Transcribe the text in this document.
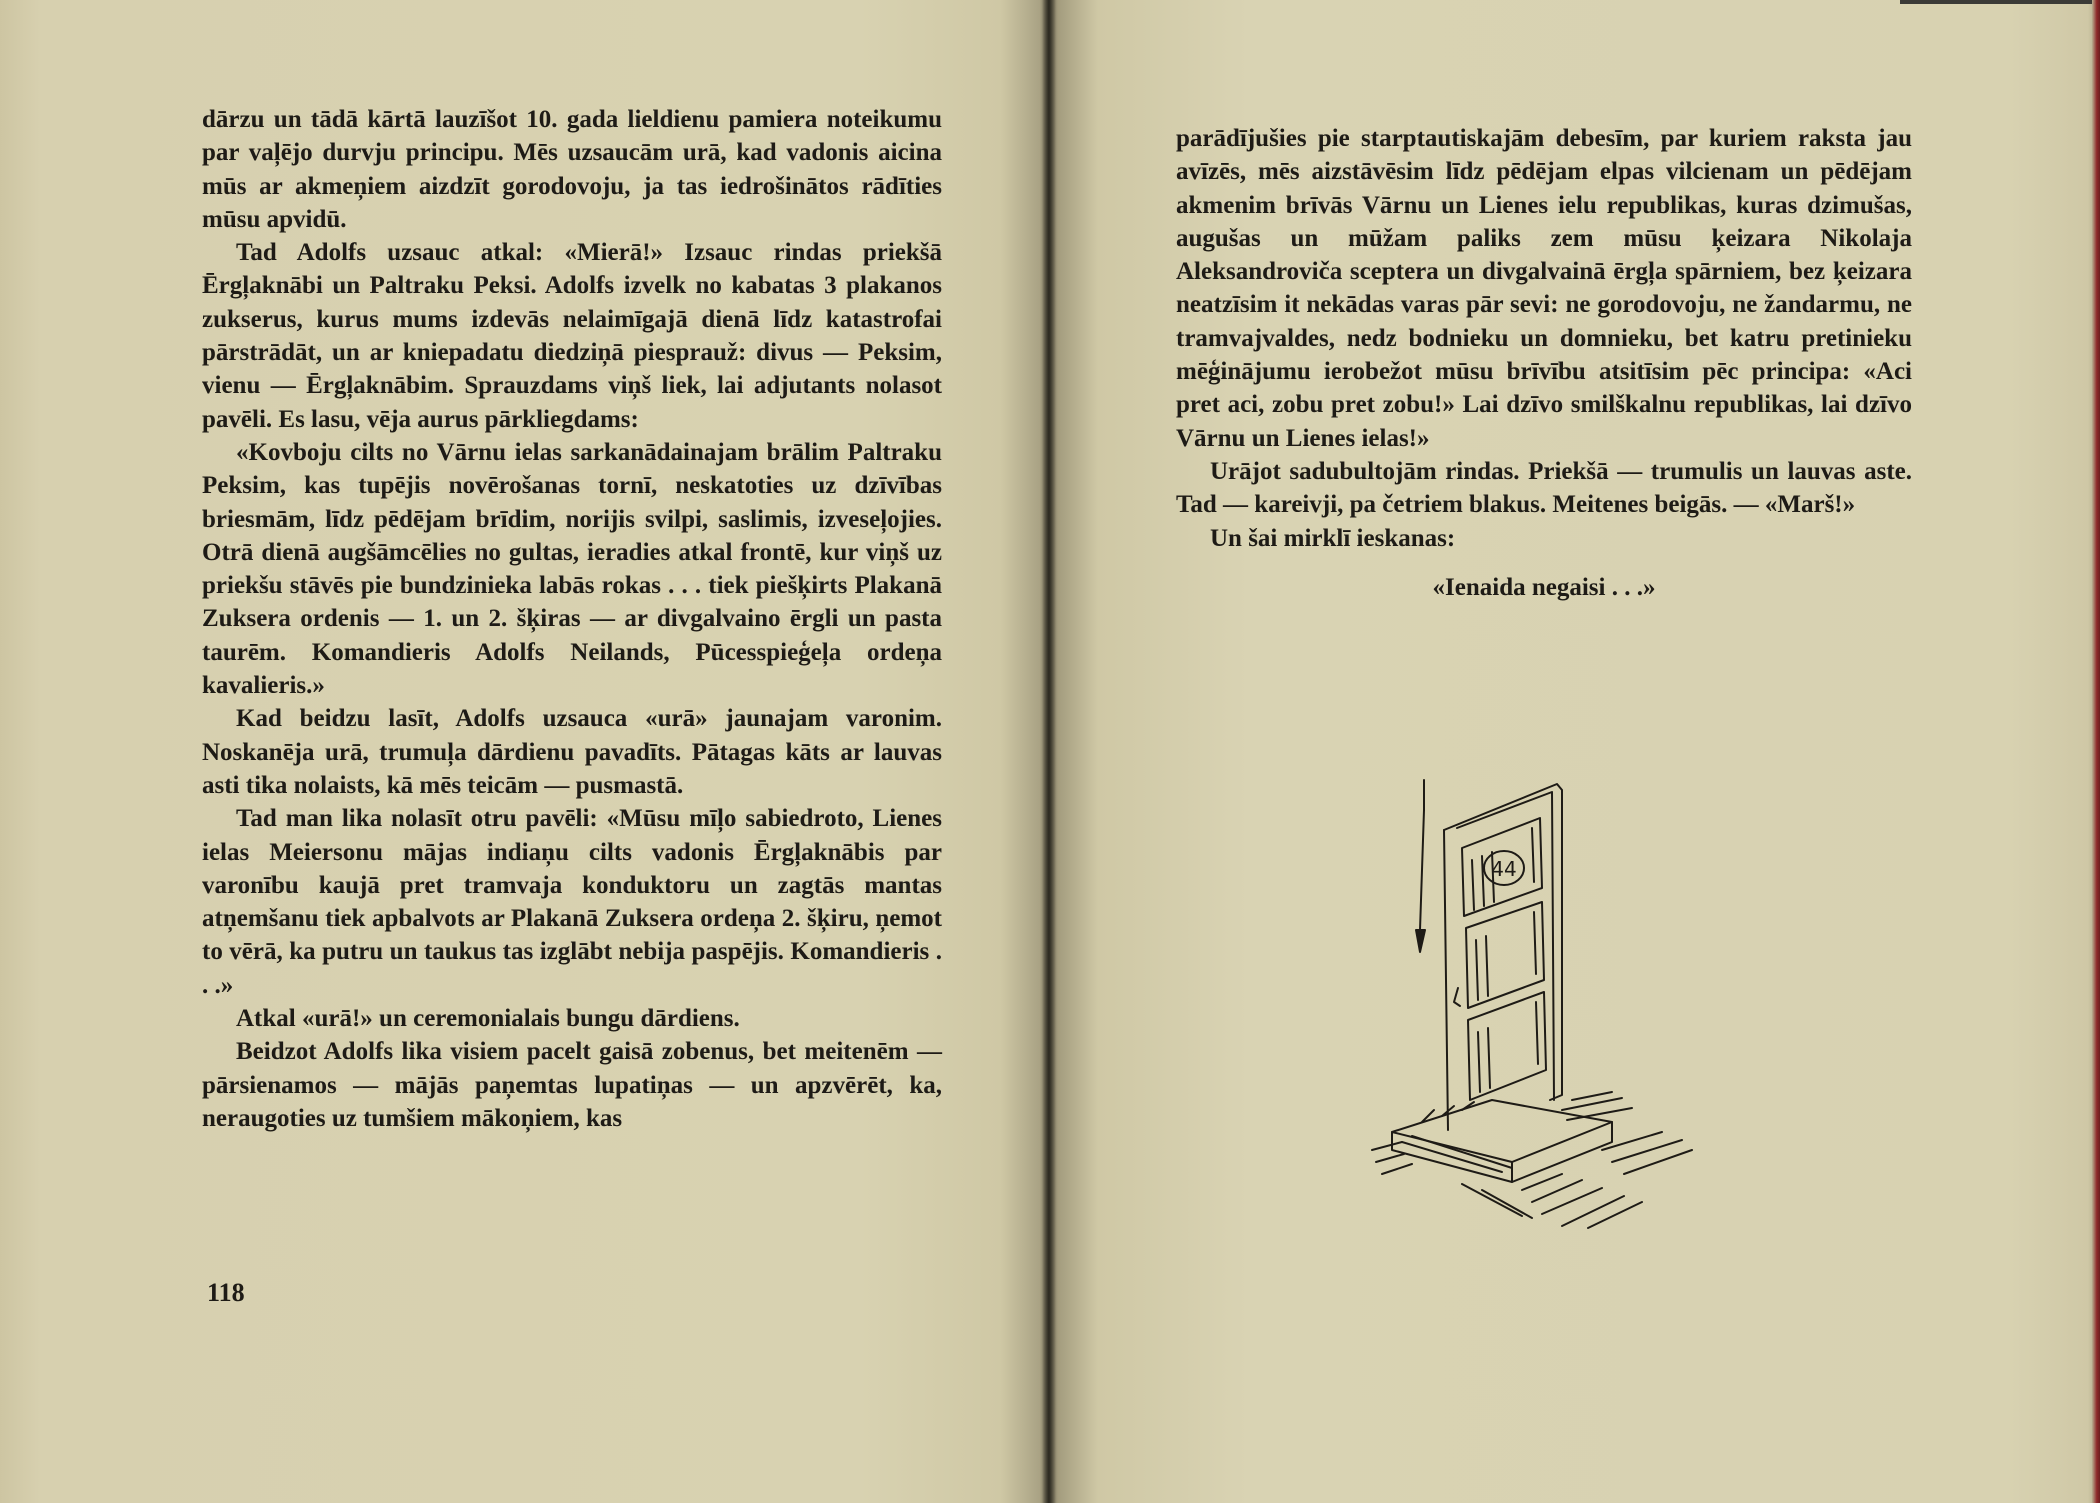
dārzu un tādā kārtā lauzīšot 10. gada lieldienu pamiera noteikumu par vaļējo durvju principu. Mēs uzsaucām urā, kad vadonis aicina mūs ar akmeņiem aizdzīt gorodovoju, ja tas iedrošinātos rādīties mūsu apvidū.

Tad Adolfs uzsauc atkal: «Mierā!» Izsauc rindas priekšā Ērgļaknābi un Paltraku Peksi. Adolfs izvelk no kabatas 3 plakanos zukserus, kurus mums izdevās nelaimīgajā dienā līdz katastrofai pārstrādāt, un ar kniepadatu diedziņā piesprauž: divus — Peksim, vienu — Ērgļaknābim. Sprauzdams viņš liek, lai adjutants nolasot pavēli. Es lasu, vēja aurus pārkliegdams:

«Kovboju cilts no Vārnu ielas sarkanādainajam brālim Paltraku Peksim, kas tupējis novērošanas tornī, neskatoties uz dzīvības briesmām, līdz pēdējam brīdim, norijis svilpi, saslimis, izveseļojies. Otrā dienā augšāmcēlies no gultas, ieradies atkal frontē, kur viņš uz priekšu stāvēs pie bundzinieka labās rokas . . . tiek piešķirts Plakanā Zuksera ordenis — 1. un 2. šķiras — ar divgalvaino ērgli un pasta taurēm. Komandieris Adolfs Neilands, Pūcesspieģeļa ordeņa kavalieris.»

Kad beidzu lasīt, Adolfs uzsauca «urā» jaunajam varonim. Noskanēja urā, trumuļa dārdienu pavadīts. Pātagas kāts ar lauvas asti tika nolaists, kā mēs teicām — pusmastā.

Tad man lika nolasīt otru pavēli: «Mūsu mīļo sabiedroto, Lienes ielas Meiersonu mājas indiaņu cilts vadonis Ērgļaknābis par varonību kaujā pret tramvaja konduktoru un zagtās mantas atņemšanu tiek apbalvots ar Plakanā Zuksera ordeņa 2. šķiru, ņemot to vērā, ka putru un taukus tas izglābt nebija paspējis. Komandieris . . .»

Atkal «urā!» un ceremonialais bungu dārdiens.

Beidzot Adolfs lika visiem pacelt gaisā zobenus, bet meitenēm — pārsienamos — mājās paņemtas lupatiņas — un apzvērēt, ka, neraugoties uz tumšiem mākoņiem, kas

118

parādījušies pie starptautiskajām debesīm, par kuriem raksta jau avīzēs, mēs aizstāvēsim līdz pēdējam elpas vilcienam un pēdējam akmenim brīvās Vārnu un Lienes ielu republikas, kuras dzimušas, augušas un mūžam paliks zem mūsu ķeizara Nikolaja Aleksandroviča sceptera un divgalvainā ērgļa spārniem, bez ķeizara neatzīsim it nekādas varas pār sevi: ne gorodovoju, ne žandarmu, ne tramvajvaldes, nedz bodnieku un domnieku, bet katru pretinieku mēģinājumu ierobežot mūsu brīvību atsitīsim pēc principa: «Aci pret aci, zobu pret zobu!» Lai dzīvo smilškalnu republikas, lai dzīvo Vārnu un Lienes ielas!»

Urājot sadubultojām rindas. Priekšā — trumulis un lauvas aste. Tad — kareivji, pa četriem blakus. Meitenes beigās. — «Marš!»

Un šai mirklī ieskanas:

«Ienaida negaisi . . .»

44
